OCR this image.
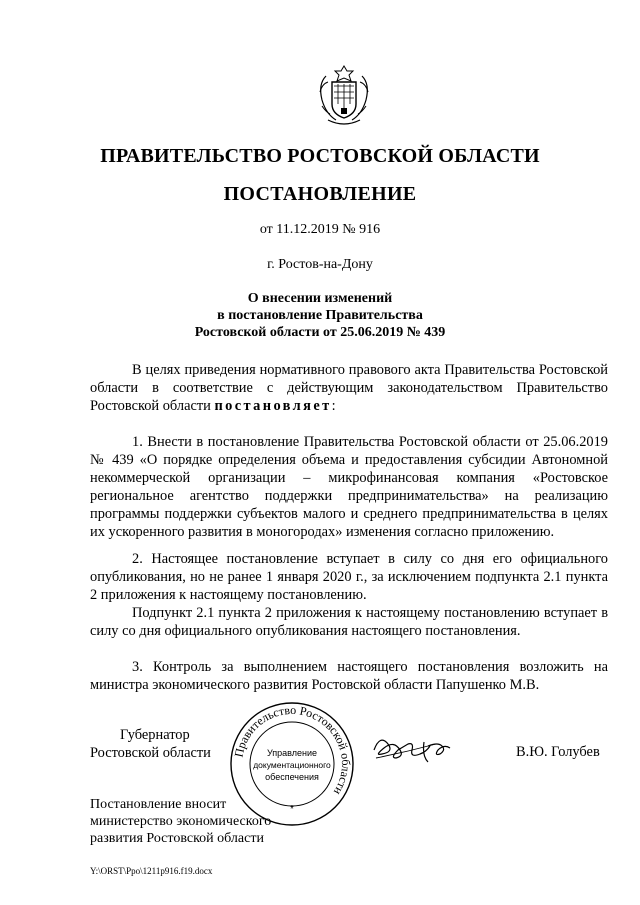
ПРАВИТЕЛЬСТВО РОСТОВСКОЙ ОБЛАСТИ
ПОСТАНОВЛЕНИЕ
от 11.12.2019 № 916
г. Ростов-на-Дону
О внесении изменений
в постановление Правительства
Ростовской области от 25.06.2019 № 439
В целях приведения нормативного правового акта Правительства Ростовской области в соответствие с действующим законодательством Правительство Ростовской области постановляет:
1. Внести в постановление Правительства Ростовской области от 25.06.2019 № 439 «О порядке определения объема и предоставления субсидии Автономной некоммерческой организации – микрофинансовая компания «Ростовское региональное агентство поддержки предпринимательства» на реализацию программы поддержки субъектов малого и среднего предпринимательства в целях их ускоренного развития в моногородах» изменения согласно приложению.
2. Настоящее постановление вступает в силу со дня его официального опубликования, но не ранее 1 января 2020 г., за исключением подпункта 2.1 пункта 2 приложения к настоящему постановлению.
Подпункт 2.1 пункта 2 приложения к настоящему постановлению вступает в силу со дня официального опубликования настоящего постановления.
3. Контроль за выполнением настоящего постановления возложить на министра экономического развития Ростовской области Папушенко М.В.
Губернатор
Ростовской области Правительство Ростовской области
Управление
документационного
обеспечения
*
В.Ю. Голубев
Постановление вносит
министерство экономического
развития Ростовской области
Y:\ORST\Ppo\1211p916.f19.docx
